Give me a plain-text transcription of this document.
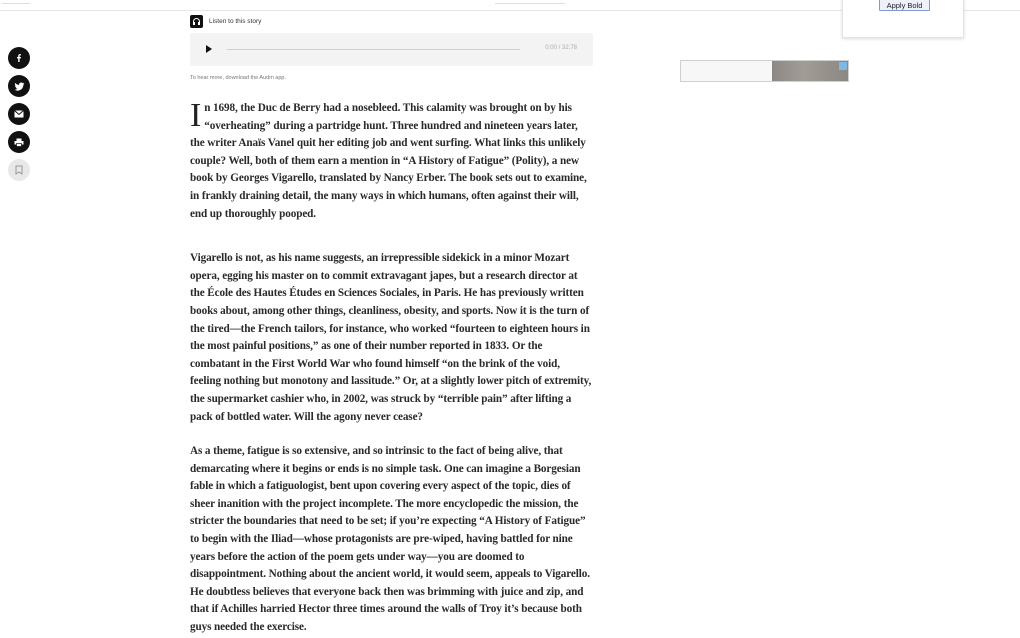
Listen to this story
0:00 / 32:78
To hear more, download the Audm app.

In 1698, the Duc de Berry had a nosebleed. This calamity was brought on by his “overheating” during a partridge hunt. Three hundred and nineteen years later, the writer Anaïs Vanel quit her editing job and went surfing. What links this unlikely couple? Well, both of them earn a mention in “A History of Fatigue” (Polity), a new book by Georges Vigarello, translated by Nancy Erber. The book sets out to examine, in frankly draining detail, the many ways in which humans, often against their will, end up thoroughly pooped.

Vigarello is not, as his name suggests, an irrepressible sidekick in a minor Mozart opera, egging his master on to commit extravagant japes, but a research director at the École des Hautes Études en Sciences Sociales, in Paris. He has previously written books about, among other things, cleanliness, obesity, and sports. Now it is the turn of the tired—the French tailors, for instance, who worked “fourteen to eighteen hours in the most painful positions,” as one of their number reported in 1833. Or the combatant in the First World War who found himself “on the brink of the void, feeling nothing but monotony and lassitude.” Or, at a slightly lower pitch of extremity, the supermarket cashier who, in 2002, was struck by “terrible pain” after lifting a pack of bottled water. Will the agony never cease?

As a theme, fatigue is so extensive, and so intrinsic to the fact of being alive, that demarcating where it begins or ends is no simple task. One can imagine a Borgesian fable in which a fatiguologist, bent upon covering every aspect of the topic, dies of sheer inanition with the project incomplete. The more encyclopedic the mission, the stricter the boundaries that need to be set; if you’re expecting “A History of Fatigue” to begin with the Iliad—whose protagonists are pre-wiped, having battled for nine years before the action of the poem gets under way—you are doomed to disappointment. Nothing about the ancient world, it would seem, appeals to Vigarello. He doubtless believes that everyone back then was brimming with juice and zip, and that if Achilles harried Hector three times around the walls of Troy it’s because both guys needed the exercise.

Apply Bold
